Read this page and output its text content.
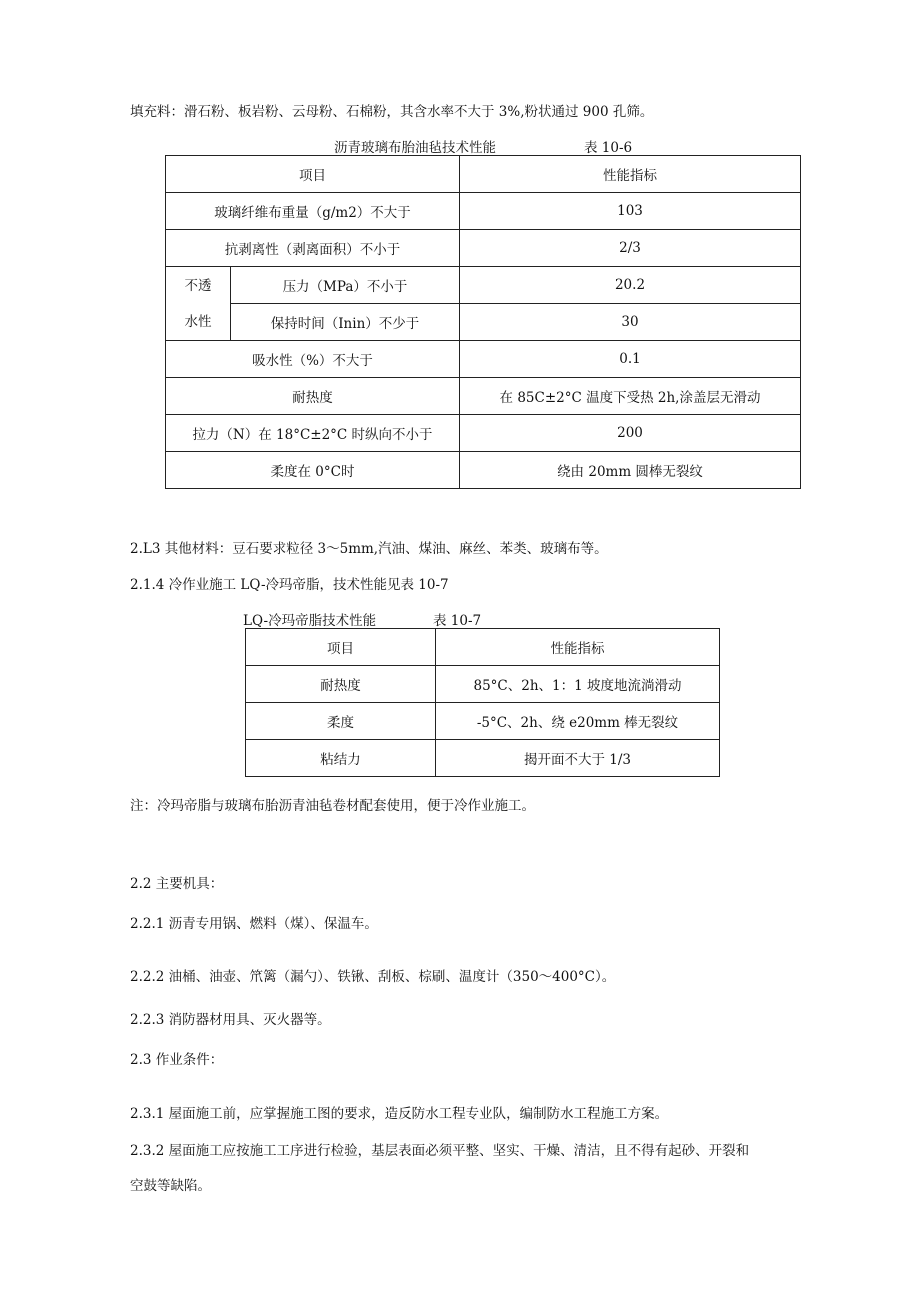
填充料：滑石粉、板岩粉、云母粉、石棉粉，其含水率不大于 3%,粉状通过 900 孔筛。
沥青玻璃布胎油毡技术性能	表 10-6
项目		性能指标
玻璃纤维布重量（g/m2）不大于		103
抗剥离性（剥离面积）不小于		2/3
不透
水性	压力（MPa）不小于	20.2
	保持时间（Inin）不少于	30
吸水性（%）不大于		0.1
耐热度		在 85C±2°C 温度下受热 2h,涂盖层无滑动
拉力（N）在 18°C±2°C 时纵向不小于		200
柔度在 0°C时		绕由 20mm 圆棒无裂纹
2.L3 其他材料：豆石要求粒径 3～5mm,汽油、煤油、麻丝、苯类、玻璃布等。
2.1.4 冷作业施工 LQ-冷玛帝脂，技术性能见表 10-7
LQ-冷玛帝脂技术性能	表 10-7
项目	性能指标
耐热度	85°C、2h、1：1 坡度地流淌滑动
柔度	-5°C、2h、绕 e20mm 棒无裂纹
粘结力	揭开面不大于 1/3
注：冷玛帝脂与玻璃布胎沥青油毡卷材配套使用，便于冷作业施工。
2.2 主要机具：
2.2.1 沥青专用锅、燃料（煤）、保温车。
2.2.2 油桶、油壶、笊篱（漏勺）、铁锹、刮板、棕刷、温度计（350～400°C）。
2.2.3 消防器材用具、灭火器等。
2.3 作业条件：
2.3.1 屋面施工前，应掌握施工图的要求，造反防水工程专业队，编制防水工程施工方案。
2.3.2 屋面施工应按施工工序进行检验，基层表面必须平整、坚实、干燥、清洁，且不得有起砂、开裂和
空鼓等缺陷。
